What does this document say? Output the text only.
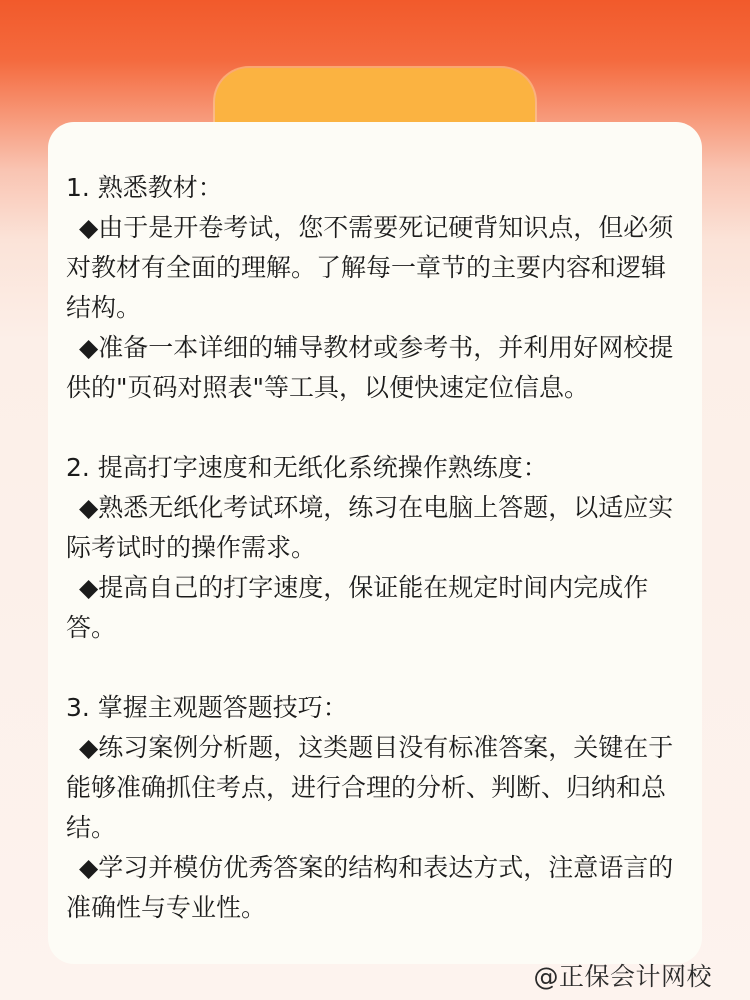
1. 熟悉教材：

◆由于是开卷考试，您不需要死记硬背知识点，但必须对教材有全面的理解。了解每一章节的主要内容和逻辑结构。

◆准备一本详细的辅导教材或参考书，并利用好网校提供的"页码对照表"等工具，以便快速定位信息。

2. 提高打字速度和无纸化系统操作熟练度：

◆熟悉无纸化考试环境，练习在电脑上答题，以适应实际考试时的操作需求。

◆提高自己的打字速度，保证能在规定时间内完成作答。

3. 掌握主观题答题技巧：

◆练习案例分析题，这类题目没有标准答案，关键在于能够准确抓住考点，进行合理的分析、判断、归纳和总结。

◆学习并模仿优秀答案的结构和表达方式，注意语言的准确性与专业性。

@正保会计网校
